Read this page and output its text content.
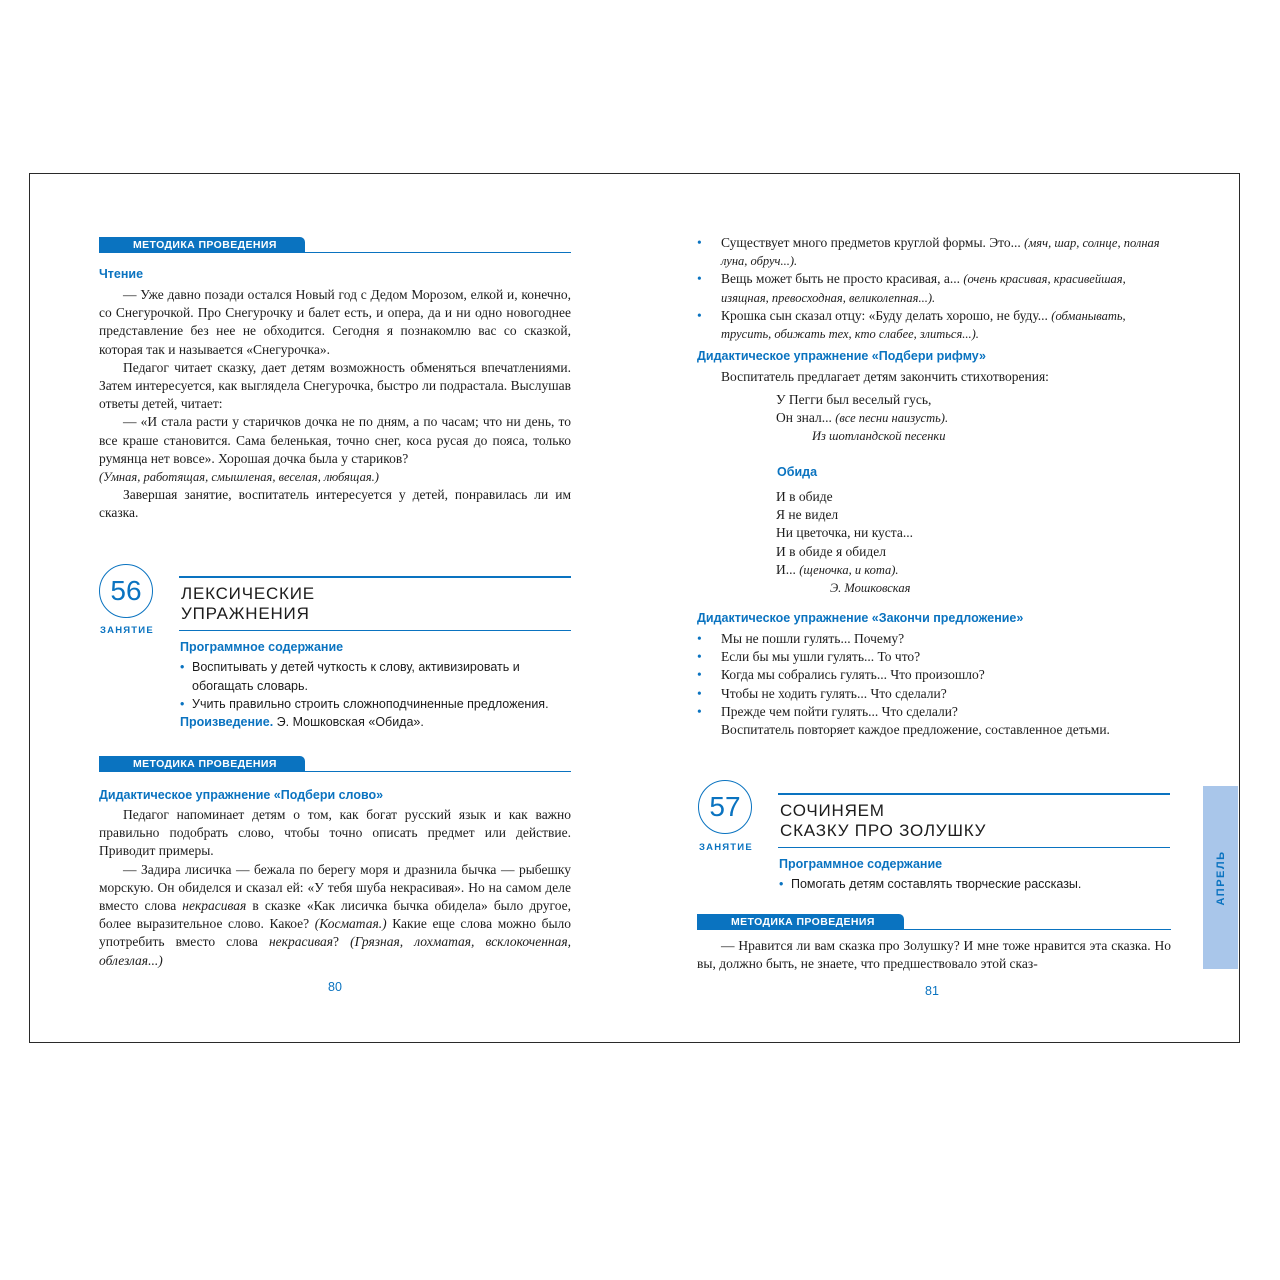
МЕТОДИКА ПРОВЕДЕНИЯ
Чтение

— Уже давно позади остался Новый год с Дедом Морозом, елкой и, конечно, со Снегурочкой. Про Снегурочку и балет есть, и опера, да и ни одно новогоднее представление без нее не обходится. Сегодня я познакомлю вас со сказкой, которая так и называется «Снегурочка».

Педагог читает сказку, дает детям возможность обменяться впечатлениями. Затем интересуется, как выглядела Снегурочка, быстро ли подрастала. Выслушав ответы детей, читает:

— «И стала расти у старичков дочка не по дням, а по часам; что ни день, то все краше становится. Сама беленькая, точно снег, коса русая до пояса, только румянца нет вовсе». Хорошая дочка была у стариков?

(Умная, работящая, смышленая, веселая, любящая.)

Завершая занятие, воспитатель интересуется у детей, понравилась ли им сказка.

56
ЗАНЯТИЕ
ЛЕКСИЧЕСКИЕ
УПРАЖНЕНИЯ
Программное содержание
• Воспитывать у детей чуткость к слову, активизировать и обогащать словарь.
• Учить правильно строить сложноподчиненные предложения.
Произведение. Э. Мошковская «Обида».
МЕТОДИКА ПРОВЕДЕНИЯ
Дидактическое упражнение «Подбери слово»

Педагог напоминает детям о том, как богат русский язык и как важно правильно подобрать слово, чтобы точно описать предмет или действие. Приводит примеры.

— Задира лисичка — бежала по берегу моря и дразнила бычка — рыбешку морскую. Он обиделся и сказал ей: «У тебя шуба некрасивая». Но на самом деле вместо слова некрасивая в сказке «Как лисичка бычка обидела» было другое, более выразительное слово. Какое? (Косматая.) Какие еще слова можно было употребить вместо слова некрасивая? (Грязная, лохматая, всклокоченная, облезлая...)

80
• Существует много предметов круглой формы. Это... (мяч, шар, солнце, полная луна, обруч...).
• Вещь может быть не просто красивая, а... (очень красивая, красивейшая, изящная, превосходная, великолепная...).
• Крошка сын сказал отцу: «Буду делать хорошо, не буду... (обманывать, трусить, обижать тех, кто слабее, злиться...).
Дидактическое упражнение «Подбери рифму»
Воспитатель предлагает детям закончить стихотворения:
У Пегги был веселый гусь,
Он знал... (все песни наизусть).
Из шотландской песенки
Обида
И в обиде
Я не видел
Ни цветочка, ни куста...
И в обиде я обидел
И... (щеночка, и кота).
Э. Мошковская
Дидактическое упражнение «Закончи предложение»
• Мы не пошли гулять... Почему?
• Если бы мы ушли гулять... То что?
• Когда мы собрались гулять... Что произошло?
• Чтобы не ходить гулять... Что сделали?
• Прежде чем пойти гулять... Что сделали?
Воспитатель повторяет каждое предложение, составленное детьми.
57
ЗАНЯТИЕ
СОЧИНЯЕМ
СКАЗКУ ПРО ЗОЛУШКУ
Программное содержание
• Помогать детям составлять творческие рассказы.
МЕТОДИКА ПРОВЕДЕНИЯ

— Нравится ли вам сказка про Золушку? И мне тоже нравится эта сказка. Но вы, должно быть, не знаете, что предшествовало этой сказ-

81
АПРЕЛЬ
